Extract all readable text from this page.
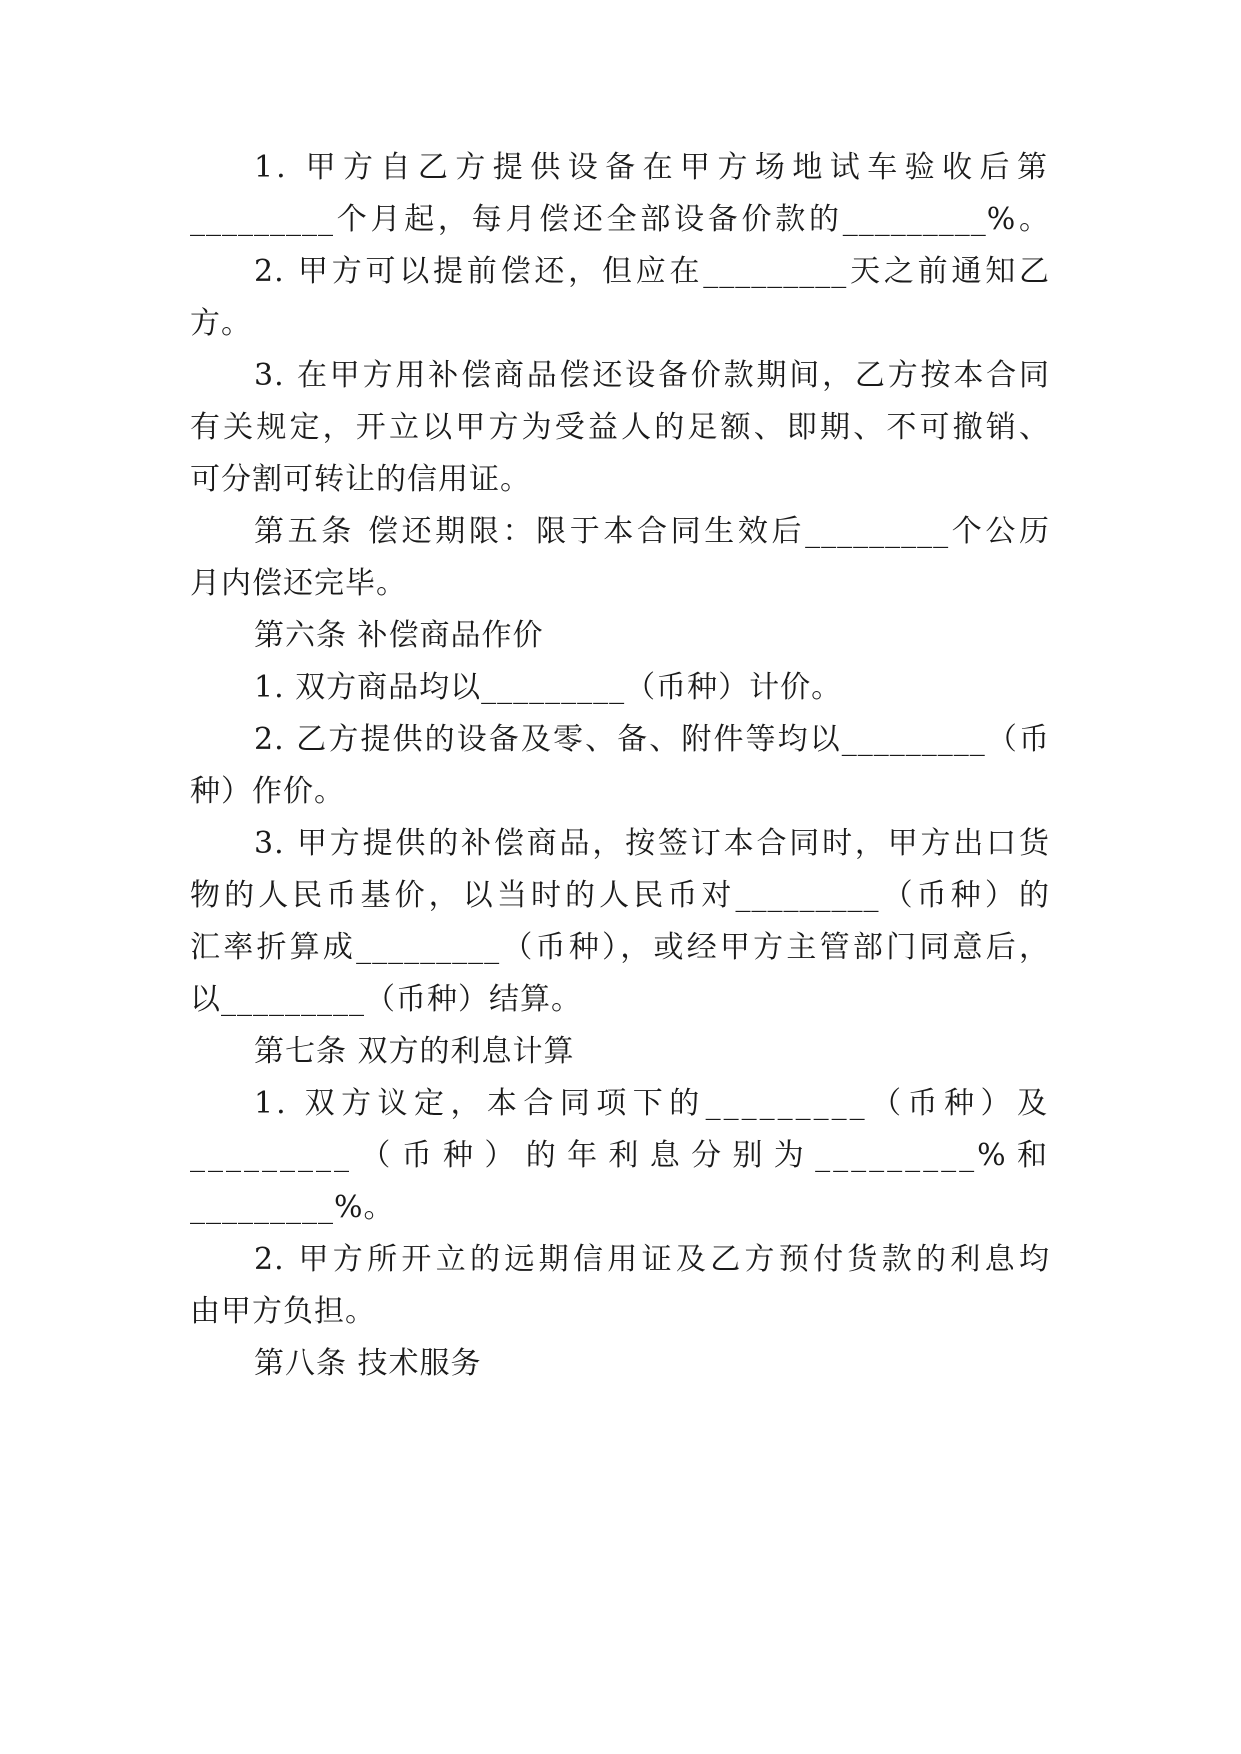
1. 甲方自乙方提供设备在甲方场地试车验收后第
_________个月起，每月偿还全部设备价款的_________%。
2. 甲方可以提前偿还，但应在_________天之前通知乙
方。
3. 在甲方用补偿商品偿还设备价款期间，乙方按本合同
有关规定，开立以甲方为受益人的足额、即期、不可撤销、
可分割可转让的信用证。
第五条 偿还期限：限于本合同生效后_________个公历
月内偿还完毕。
第六条 补偿商品作价
1. 双方商品均以_________（币种）计价。
2. 乙方提供的设备及零、备、附件等均以_________（币
种）作价。
3. 甲方提供的补偿商品，按签订本合同时，甲方出口货
物的人民币基价，以当时的人民币对_________（币种）的
汇率折算成_________（币种），或经甲方主管部门同意后，
以_________（币种）结算。
第七条 双方的利息计算
1. 双方议定，本合同项下的_________（币种）及
_________（币种）的年利息分别为_________%和
_________%。
2. 甲方所开立的远期信用证及乙方预付货款的利息均
由甲方负担。
第八条 技术服务
